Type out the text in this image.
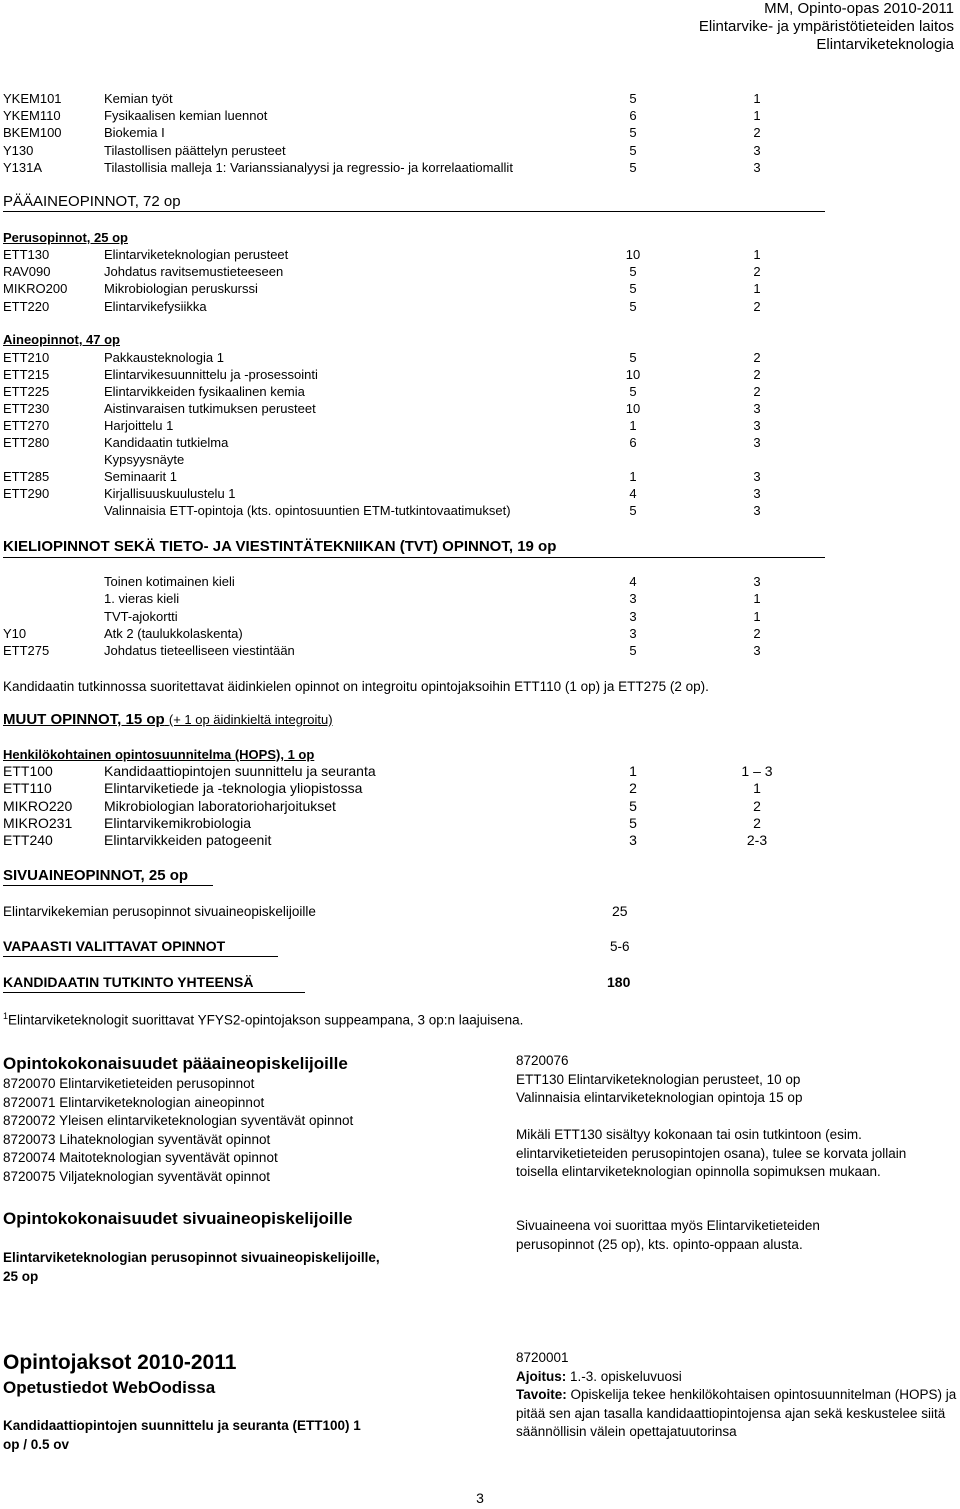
MM, Opinto-opas 2010-2011
Elintarvike- ja ympäristötieteiden laitos
Elintarviketeknologia
YKEM101	Kemian työt	5	1
YKEM110	Fysikaalisen kemian luennot	6	1
BKEM100	Biokemia I	5	2
Y130	Tilastollisen päättelyn perusteet	5	3
Y131A	Tilastollisia malleja 1: Varianssianalyysi ja regressio- ja korrelaatiomallit	5	3
PÄÄAINEOPINNOT, 72 op
Perusopinnot, 25 op
ETT130	Elintarviketeknologian perusteet	10	1
RAV090	Johdatus ravitsemustieteeseen	5	2
MIKRO200	Mikrobiologian peruskurssi	5	1
ETT220	Elintarvikefysiikka	5	2
Aineopinnot, 47 op
ETT210	Pakkausteknologia 1	5	2
ETT215	Elintarvikesuunnittelu ja -prosessointi	10	2
ETT225	Elintarvikkeiden fysikaalinen kemia	5	2
ETT230	Aistinvaraisen tutkimuksen perusteet	10	3
ETT270	Harjoittelu 1	1	3
ETT280	Kandidaatin tutkielma	6	3
Kypsyysnäyte
ETT285	Seminaarit 1	1	3
ETT290	Kirjallisuuskuulustelu 1	4	3
Valinnaisia ETT-opintoja (kts. opintosuuntien ETM-tutkintovaatimukset)	5	3
KIELIOPINNOT SEKÄ TIETO- JA VIESTINTÄTEKNIIKAN (TVT) OPINNOT, 19 op
Toinen kotimainen kieli	4	3
1. vieras kieli	3	1
TVT-ajokortti	3	1
Y10	Atk 2 (taulukkolaskenta)	3	2
ETT275	Johdatus tieteelliseen viestintään	5	3
Kandidaatin tutkinnossa suoritettavat äidinkielen opinnot on integroitu opintojaksoihin ETT110 (1 op) ja ETT275 (2 op).
MUUT OPINNOT, 15 op (+ 1 op äidinkieltä integroitu)
Henkilökohtainen opintosuunnitelma (HOPS), 1 op
ETT100	Kandidaattiopintojen suunnittelu ja seuranta	1	1 – 3
ETT110	Elintarviketiede ja -teknologia yliopistossa	2	1
MIKRO220 Mikrobiologian laboratorioharjoitukset	5	2
MIKRO231 Elintarvikemikrobiologia	5	2
ETT240	Elintarvikkeiden patogeenit	3	2-3
SIVUAINEOPINNOT, 25 op
Elintarvikekemian perusopinnot sivuaineopiskelijoille	25
VAPAASTI VALITTAVAT OPINNOT	5-6
KANDIDAATIN TUTKINTO YHTEENSÄ	180
$^1$Elintarviketeknologit suorittavat YFYS2-opintojakson suppeampana, 3 op:n laajuisena.
Opintokokonaisuudet pääaineopiskelijoille
8720070 Elintarviketieteiden perusopinnot
8720071 Elintarviketeknologian aineopinnot
8720072 Yleisen elintarviketeknologian syventävät opinnot
8720073 Lihateknologian syventävät opinnot
8720074 Maitoteknologian syventävät opinnot
8720075 Viljateknologian syventävät opinnot
Opintokokonaisuudet sivuaineopiskelijoille
Elintarviketeknologian perusopinnot sivuaineopiskelijoille,
25 op
8720076
ETT130 Elintarviketeknologian perusteet, 10 op
Valinnaisia elintarviketeknologian opintoja 15 op
Mikäli ETT130 sisältyy kokonaan tai osin tutkintoon (esim. elintarviketieteiden perusopintojen osana), tulee se korvata jollain toisella elintarviketeknologian opinnolla sopimuksen mukaan.
Sivuaineena voi suorittaa myös Elintarviketieteiden perusopinnot (25 op), kts. opinto-oppaan alusta.
Opintojaksot 2010-2011
Opetustiedot WebOodissa
Kandidaattiopintojen suunnittelu ja seuranta (ETT100) 1
op / 0.5 ov
8720001
Ajoitus: 1.-3. opiskeluvuosi
Tavoite: Opiskelija tekee henkilökohtaisen opintosuunnitelman (HOPS) ja pitää sen ajan tasalla kandidaattiopintojensa ajan sekä keskustelee siitä säännöllisin välein opettajatuutorinsa
3
